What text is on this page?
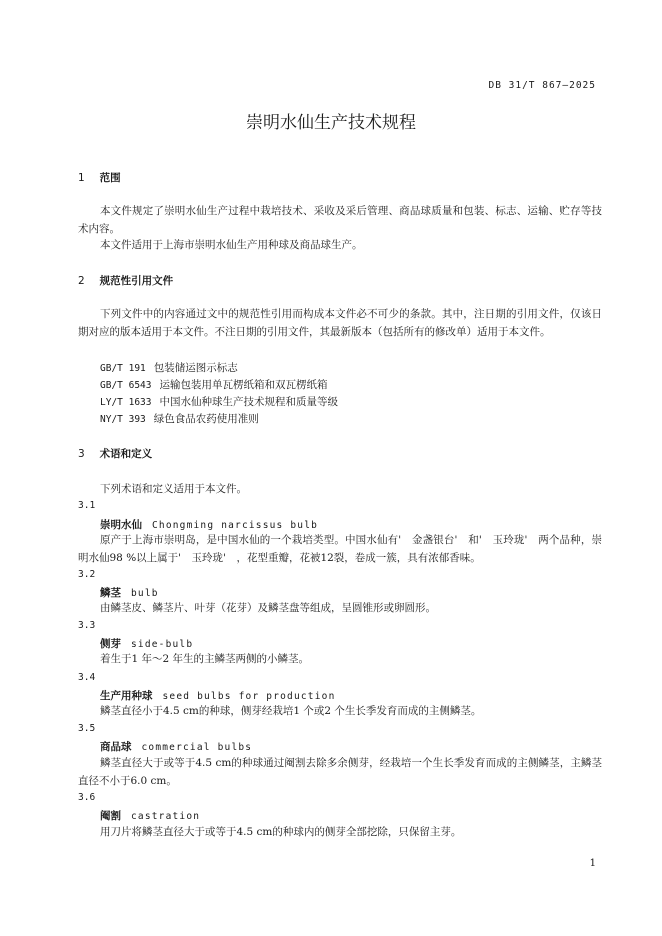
DB 31/T 867—2025
崇明水仙生产技术规程
1 范围
本文件规定了崇明水仙生产过程中栽培技术、采收及采后管理、商品球质量和包装、标志、运输、贮存等技术内容。
本文件适用于上海市崇明水仙生产用种球及商品球生产。
2 规范性引用文件
下列文件中的内容通过文中的规范性引用而构成本文件必不可少的条款。其中，注日期的引用文件，仅该日期对应的版本适用于本文件。不注日期的引用文件，其最新版本（包括所有的修改单）适用于本文件。
GB/T 191 包装储运图示标志
GB/T 6543 运输包装用单瓦楞纸箱和双瓦楞纸箱
LY/T 1633 中国水仙种球生产技术规程和质量等级
NY/T 393 绿色食品农药使用准则
3 术语和定义
下列术语和定义适用于本文件。
3.1
崇明水仙 Chongming narcissus bulb
原产于上海市崇明岛，是中国水仙的一个栽培类型。中国水仙有'　金盏银台'　和'　玉玲珑'　两个品种，崇明水仙98 %以上属于'　玉玲珑'　，花型重瓣，花被12裂，卷成一簇，具有浓郁香味。
3.2
鳞茎 bulb
由鳞茎皮、鳞茎片、叶芽（花芽）及鳞茎盘等组成，呈圆锥形或卵圆形。
3.3
侧芽 side-bulb
着生于1 年～2 年生的主鳞茎两侧的小鳞茎。
3.4
生产用种球 seed bulbs for production
鳞茎直径小于4.5 cm的种球，侧芽经栽培1 个或2 个生长季发育而成的主侧鳞茎。
3.5
商品球 commercial bulbs
鳞茎直径大于或等于4.5 cm的种球通过阉割去除多余侧芽，经栽培一个生长季发育而成的主侧鳞茎，主鳞茎直径不小于6.0 cm。
3.6
阉割 castration
用刀片将鳞茎直径大于或等于4.5 cm的种球内的侧芽全部挖除，只保留主芽。
1
